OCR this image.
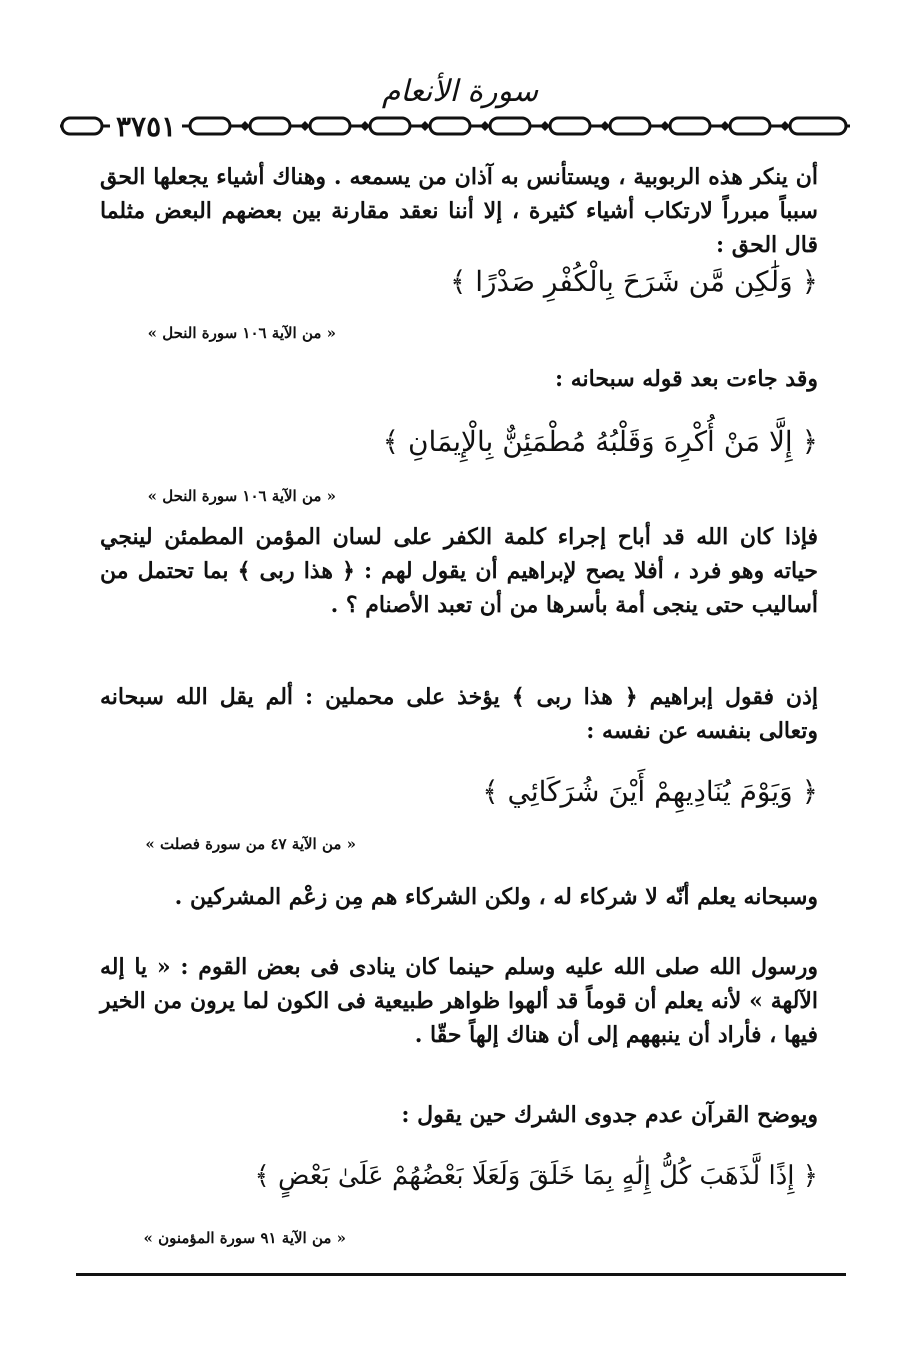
سورة الأنعام
٣٧٥١
أن ينكر هذه الربوبية ، ويستأنس به آذان من يسمعه . وهناك أشياء يجعلها الحق سبباً مبرراً لارتكاب أشياء كثيرة ، إلا أننا نعقد مقارنة بين بعضهم البعض مثلما قال الحق :
﴿ وَلَٰكِن مَّن شَرَحَ بِالْكُفْرِ صَدْرًا ﴾
« من الآية ١٠٦ سورة النحل »
وقد جاءت بعد قوله سبحانه :
﴿ إِلَّا مَنْ أُكْرِهَ وَقَلْبُهُ مُطْمَئِنٌّ بِالْإِيمَانِ ﴾
« من الآية ١٠٦ سورة النحل »
فإذا كان الله قد أباح إجراء كلمة الكفر على لسان المؤمن المطمئن لينجي حياته وهو فرد ، أفلا يصح لإبراهيم أن يقول لهم : ﴿ هذا ربى ﴾ بما تحتمل من أساليب حتى ينجى أمة بأسرها من أن تعبد الأصنام ؟ .
إذن فقول إبراهيم ﴿ هذا ربى ﴾ يؤخذ على محملين : ألم يقل الله سبحانه وتعالى بنفسه عن نفسه :
﴿ وَيَوْمَ يُنَادِيهِمْ أَيْنَ شُرَكَائِي ﴾
« من الآية ٤٧ من سورة فصلت »
وسبحانه يعلم أنّه لا شركاء له ، ولكن الشركاء هم مِن زعْم المشركين .
ورسول الله صلى الله عليه وسلم حينما كان ينادى فى بعض القوم : « يا إله الآلهة » لأنه يعلم أن قوماً قد ألهوا ظواهر طبيعية فى الكون لما يرون من الخير فيها ، فأراد أن ينبههم إلى أن هناك إلهاً حقّا .
ويوضح القرآن عدم جدوى الشرك حين يقول :
﴿ إِذًا لَّذَهَبَ كُلُّ إِلَٰهٍ بِمَا خَلَقَ وَلَعَلَا بَعْضُهُمْ عَلَىٰ بَعْضٍ ﴾
« من الآية ٩١ سورة المؤمنون »
